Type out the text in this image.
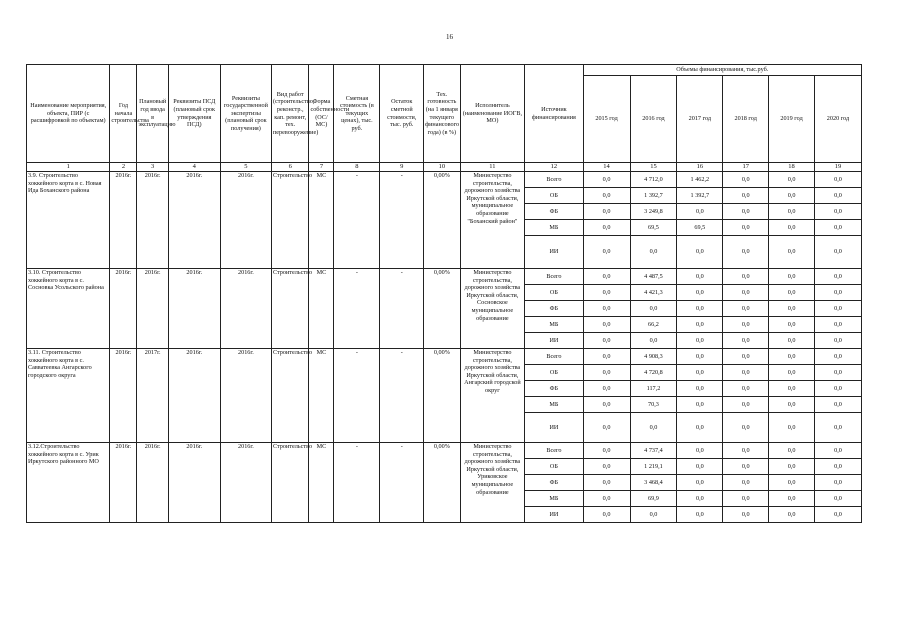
16
Наименование мероприятия, объекта, ПИР (с расшифровкой по объектам)	Год начала строительства	Плановый год ввода в эксплуатацию	Реквизиты ПСД (плановый срок утверждения ПСД)	Реквизиты государственной экспертизы (плановый срок получения)	Вид работ (строительство, реконстр., кап. ремонт, тех. перевооружение)	Форма собственности (ОС/МС)	Сметная стоимость (в текущих ценах), тыс. руб.	Остаток сметной стоимости, тыс. руб.	Тех. готовность (на 1 января текущего финансового года) (в %)	Исполнитель (наименование ИОГВ, МО)	Источник финансирования	Объемы финансирования, тыс.руб.					
												2015 год	2016 год	2017 год	2018 год	2019 год	2020 год
1	2	3	4	5	6	7	8	9	10	11	12	14	15	16	17	18	19
3.9. Строительство хоккейного корта в с. Новая Ида Боханского района	2016г.	2016г.	2016г.	2016г.	Строительство	МС	-	-	0,00%	Министерство строительства, дорожного хозяйства Иркутской области, муниципальное образование "Боханский район"	Всего	0,0	4 712,0	1 462,2	0,0	0,0	0,0
											ОБ	0,0	1 392,7	1 392,7	0,0	0,0	0,0
											ФБ	0,0	3 249,8	0,0	0,0	0,0	0,0
											МБ	0,0	69,5	69,5	0,0	0,0	0,0
											ИИ	0,0	0,0	0,0	0,0	0,0	0,0
3.10. Строительство хоккейного корта в с. Сосновка Усольского района	2016г.	2016г.	2016г.	2016г.	Строительство	МС	-	-	0,00%	Министерство строительства, дорожного хозяйства Иркутской области, Сосновское муниципальное образование	Всего	0,0	4 487,5	0,0	0,0	0,0	0,0
											ОБ	0,0	4 421,3	0,0	0,0	0,0	0,0
											ФБ	0,0	0,0	0,0	0,0	0,0	0,0
											МБ	0,0	66,2	0,0	0,0	0,0	0,0
											ИИ	0,0	0,0	0,0	0,0	0,0	0,0
3.11. Строительство хоккейного корта в с. Савватеевка Ангарского городского округа	2016г.	2017г.	2016г.	2016г.	Строительство	МС	-	-	0,00%	Министерство строительства, дорожного хозяйства Иркутской области, Ангарский городской округ	Всего	0,0	4 908,3	0,0	0,0	0,0	0,0
											ОБ	0,0	4 720,8	0,0	0,0	0,0	0,0
											ФБ	0,0	117,2	0,0	0,0	0,0	0,0
											МБ	0,0	70,3	0,0	0,0	0,0	0,0
											ИИ	0,0	0,0	0,0	0,0	0,0	0,0
3.12.Строительство хоккейного корта в с. Урик Иркутского районного МО	2016г.	2016г.	2016г.	2016г.	Строительство	МС	-	-	0,00%	Министерство строительства, дорожного хозяйства Иркутской области, Уриковское муниципальное образование	Всего	0,0	4 737,4	0,0	0,0	0,0	0,0
											ОБ	0,0	1 219,1	0,0	0,0	0,0	0,0
											ФБ	0,0	3 468,4	0,0	0,0	0,0	0,0
											МБ	0,0	69,9	0,0	0,0	0,0	0,0
											ИИ	0,0	0,0	0,0	0,0	0,0	0,0
